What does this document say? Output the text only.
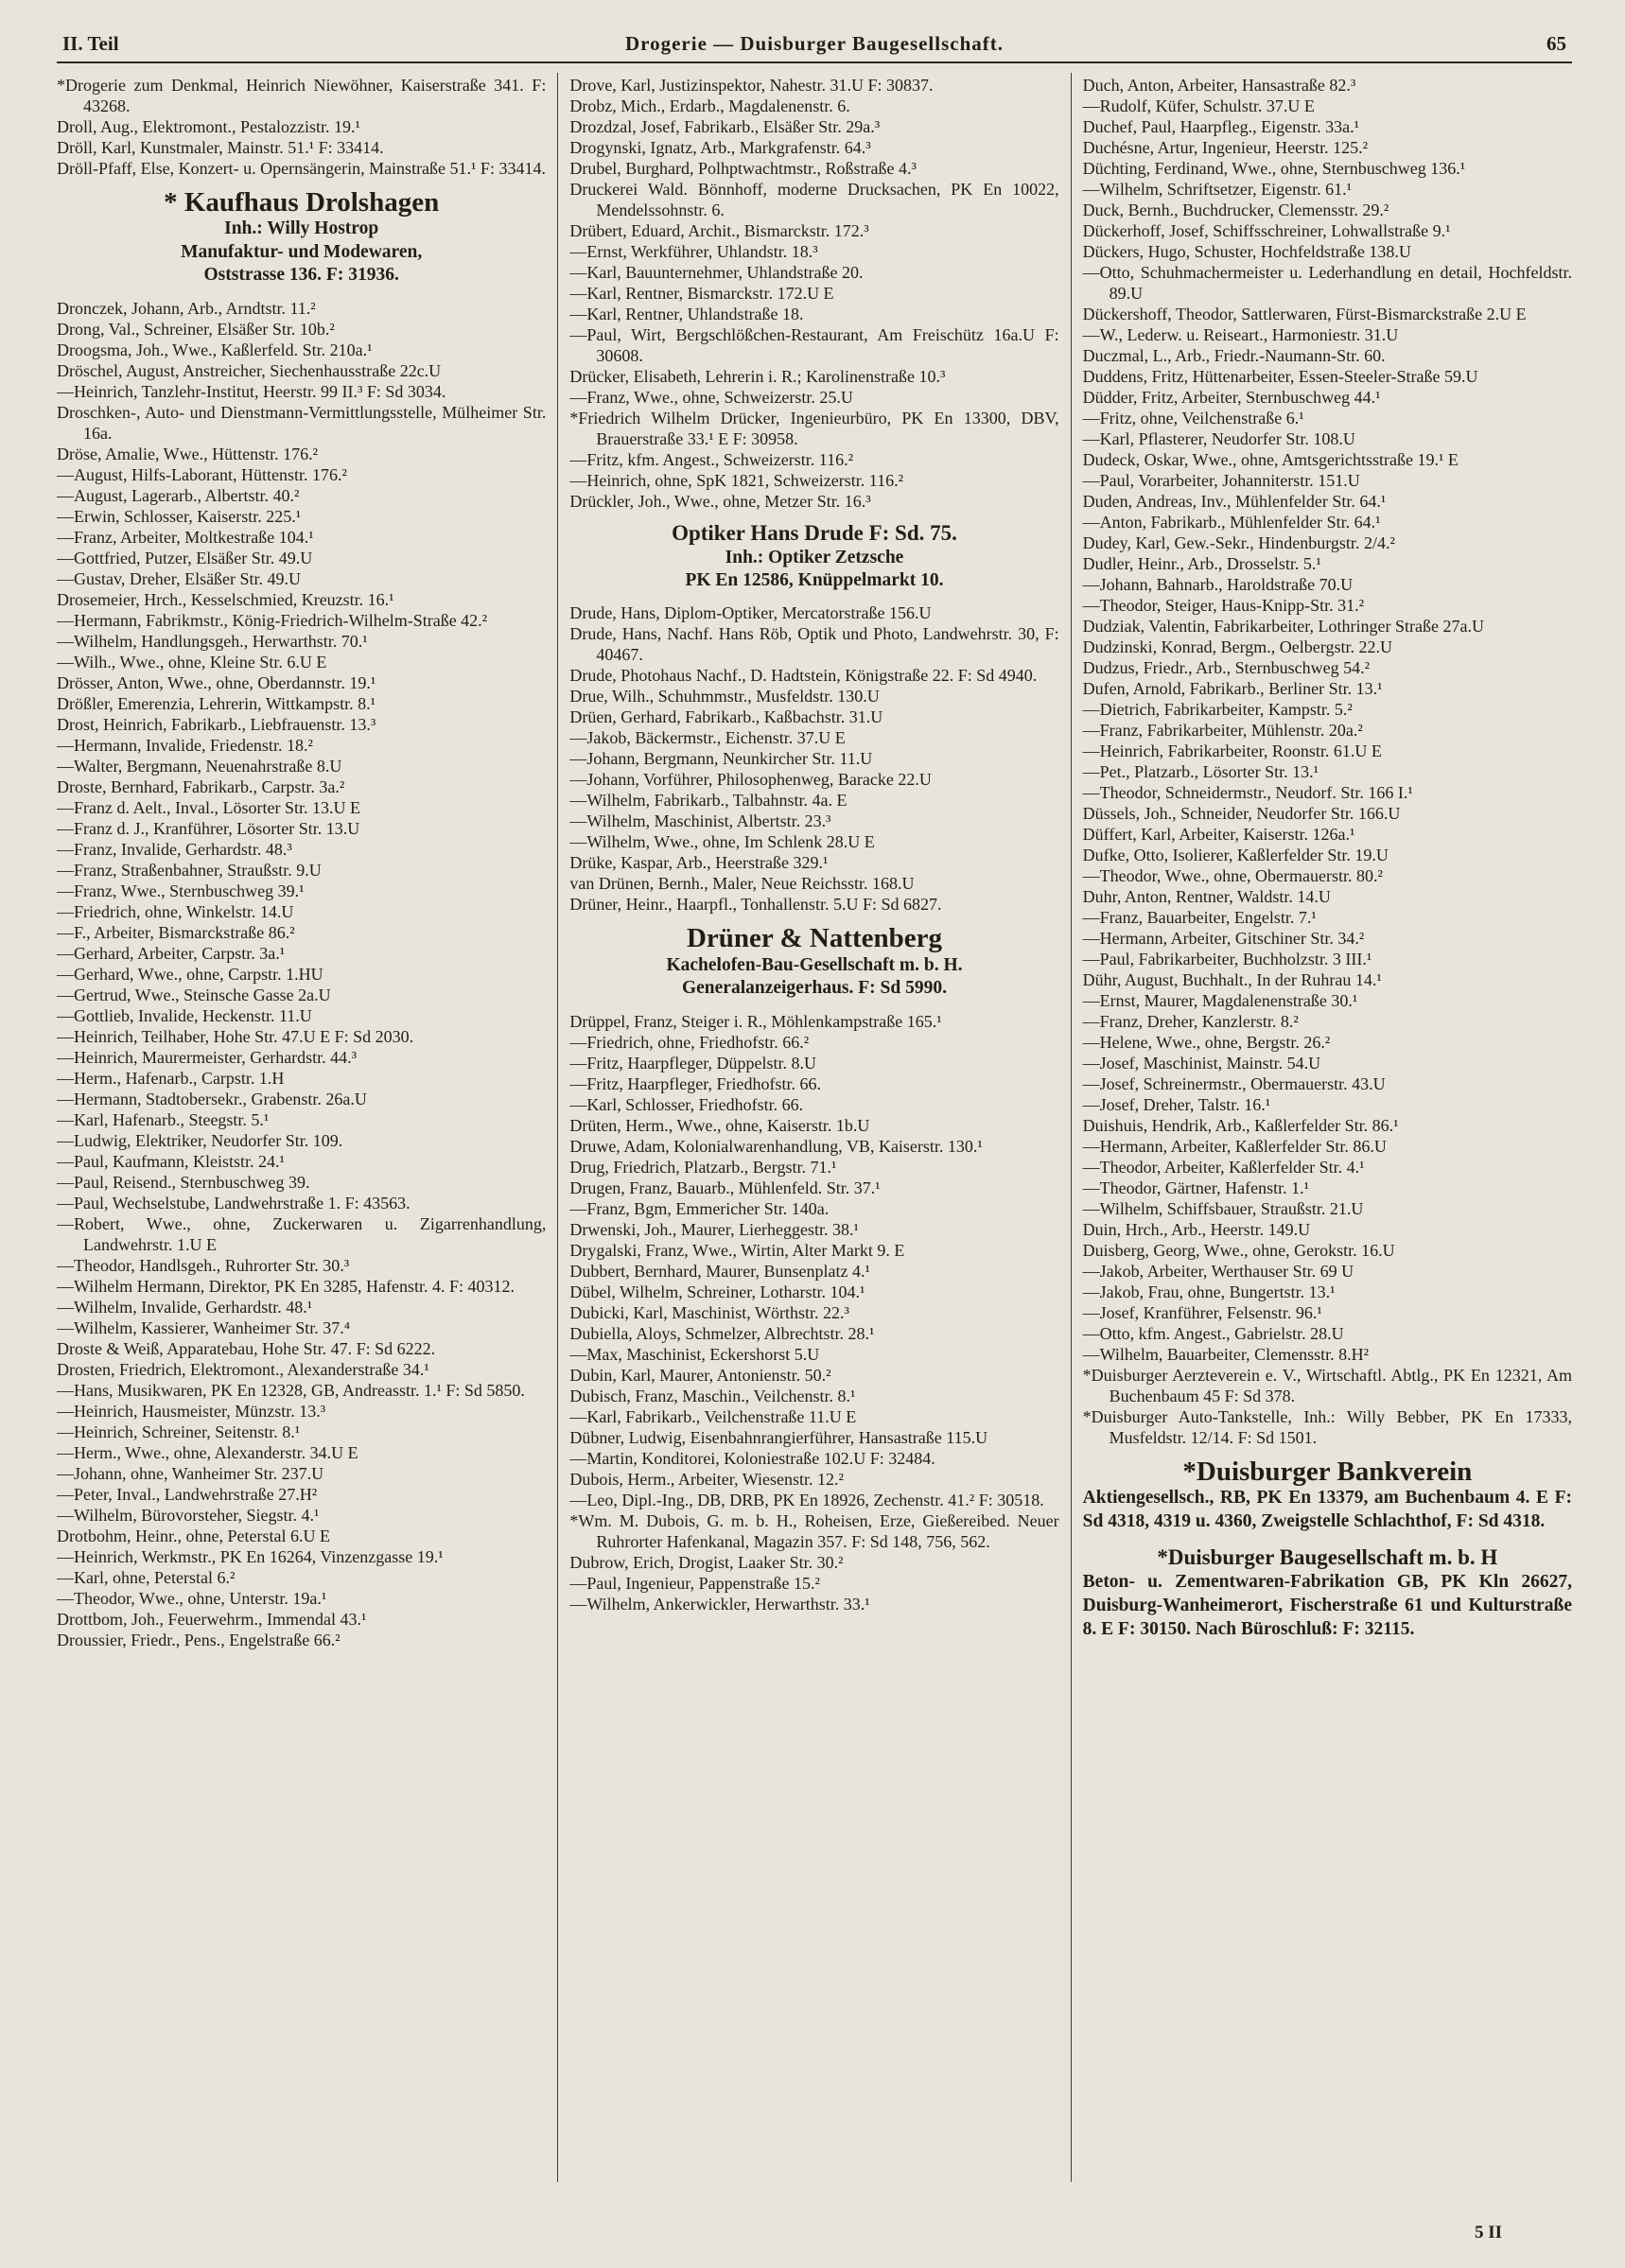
II. Teil	Drogerie — Duisburger Baugesellschaft.	65

*Drogerie zum Denkmal, Heinrich Niewöhner, Kaiserstraße 341. F: 43268.

Droll, Aug., Elektromont., Pestalozzistr. 19.¹

Dröll, Karl, Kunstmaler, Mainstr. 51.¹ F: 33414.

Dröll-Pfaff, Else, Konzert- u. Opernsängerin, Mainstraße 51.¹ F: 33414.

* Kaufhaus Drolshagen

Inh.: Willy Hostrop

Manufaktur- und Modewaren,

Oststrasse 136. F: 31936.

Dronczek, Johann, Arb., Arndtstr. 11.²

Drong, Val., Schreiner, Elsäßer Str. 10b.²

Droogsma, Joh., Wwe., Kaßlerfeld. Str. 210a.¹

Dröschel, August, Anstreicher, Siechenhausstraße 22c.U

—Heinrich, Tanzlehr-Institut, Heerstr. 99 II.³ F: Sd 3034.

Droschken-, Auto- und Dienstmann-Vermittlungsstelle, Mülheimer Str. 16a.

Dröse, Amalie, Wwe., Hüttenstr. 176.²

—August, Hilfs-Laborant, Hüttenstr. 176.²

—August, Lagerarb., Albertstr. 40.²

—Erwin, Schlosser, Kaiserstr. 225.¹

—Franz, Arbeiter, Moltkestraße 104.¹

—Gottfried, Putzer, Elsäßer Str. 49.U

—Gustav, Dreher, Elsäßer Str. 49.U

Drosemeier, Hrch., Kesselschmied, Kreuzstr. 16.¹

—Hermann, Fabrikmstr., König-Friedrich-Wilhelm-Straße 42.²

—Wilhelm, Handlungsgeh., Herwarthstr. 70.¹

—Wilh., Wwe., ohne, Kleine Str. 6.U E

Drösser, Anton, Wwe., ohne, Oberdannstr. 19.¹

Drößler, Emerenzia, Lehrerin, Wittkampstr. 8.¹

Drost, Heinrich, Fabrikarb., Liebfrauenstr. 13.³

—Hermann, Invalide, Friedenstr. 18.²

—Walter, Bergmann, Neuenahrstraße 8.U

Droste, Bernhard, Fabrikarb., Carpstr. 3a.²

—Franz d. Aelt., Inval., Lösorter Str. 13.U E

—Franz d. J., Kranführer, Lösorter Str. 13.U

—Franz, Invalide, Gerhardstr. 48.³

—Franz, Straßenbahner, Straußstr. 9.U

—Franz, Wwe., Sternbuschweg 39.¹

—Friedrich, ohne, Winkelstr. 14.U

—F., Arbeiter, Bismarckstraße 86.²

—Gerhard, Arbeiter, Carpstr. 3a.¹

—Gerhard, Wwe., ohne, Carpstr. 1.HU

—Gertrud, Wwe., Steinsche Gasse 2a.U

—Gottlieb, Invalide, Heckenstr. 11.U

—Heinrich, Teilhaber, Hohe Str. 47.U E F: Sd 2030.

—Heinrich, Maurermeister, Gerhardstr. 44.³

—Herm., Hafenarb., Carpstr. 1.H

—Hermann, Stadtobersekr., Grabenstr. 26a.U

—Karl, Hafenarb., Steegstr. 5.¹

—Ludwig, Elektriker, Neudorfer Str. 109.

—Paul, Kaufmann, Kleiststr. 24.¹

—Paul, Reisend., Sternbuschweg 39.

—Paul, Wechselstube, Landwehrstraße 1. F: 43563.

—Robert, Wwe., ohne, Zuckerwaren u. Zigarrenhandlung, Landwehrstr. 1.U E

—Theodor, Handlsgeh., Ruhrorter Str. 30.³

—Wilhelm Hermann, Direktor, PK En 3285, Hafenstr. 4. F: 40312.

—Wilhelm, Invalide, Gerhardstr. 48.¹

—Wilhelm, Kassierer, Wanheimer Str. 37.⁴

Droste & Weiß, Apparatebau, Hohe Str. 47. F: Sd 6222.

Drosten, Friedrich, Elektromont., Alexanderstraße 34.¹

—Hans, Musikwaren, PK En 12328, GB, Andreasstr. 1.¹ F: Sd 5850.

—Heinrich, Hausmeister, Münzstr. 13.³

—Heinrich, Schreiner, Seitenstr. 8.¹

—Herm., Wwe., ohne, Alexanderstr. 34.U E

—Johann, ohne, Wanheimer Str. 237.U

—Peter, Inval., Landwehrstraße 27.H²

—Wilhelm, Bürovorsteher, Siegstr. 4.¹

Drotbohm, Heinr., ohne, Peterstal 6.U E

—Heinrich, Werkmstr., PK En 16264, Vinzenzgasse 19.¹

—Karl, ohne, Peterstal 6.²

—Theodor, Wwe., ohne, Unterstr. 19a.¹

Drottbom, Joh., Feuerwehrm., Immendal 43.¹

Droussier, Friedr., Pens., Engelstraße 66.²

Drove, Karl, Justizinspektor, Nahestr. 31.U F: 30837.

Drobz, Mich., Erdarb., Magdalenenstr. 6.

Drozdzal, Josef, Fabrikarb., Elsäßer Str. 29a.³

Drogynski, Ignatz, Arb., Markgrafenstr. 64.³

Drubel, Burghard, Polhptwachtmstr., Roßstraße 4.³

Druckerei Wald. Bönnhoff, moderne Drucksachen, PK En 10022, Mendelssohnstr. 6.

Drübert, Eduard, Archit., Bismarckstr. 172.³

—Ernst, Werkführer, Uhlandstr. 18.³

—Karl, Bauunternehmer, Uhlandstraße 20.

—Karl, Rentner, Bismarckstr. 172.U E

—Karl, Rentner, Uhlandstraße 18.

—Paul, Wirt, Bergschlößchen-Restaurant, Am Freischütz 16a.U F: 30608.

Drücker, Elisabeth, Lehrerin i. R.; Karolinenstraße 10.³

—Franz, Wwe., ohne, Schweizerstr. 25.U

*Friedrich Wilhelm Drücker, Ingenieurbüro, PK En 13300, DBV, Brauerstraße 33.¹ E F: 30958.

—Fritz, kfm. Angest., Schweizerstr. 116.²

—Heinrich, ohne, SpK 1821, Schweizerstr. 116.²

Drückler, Joh., Wwe., ohne, Metzer Str. 16.³

Optiker Hans Drude F: Sd. 75.

Inh.: Optiker Zetzsche

PK En 12586, Knüppelmarkt 10.

Drude, Hans, Diplom-Optiker, Mercatorstraße 156.U

Drude, Hans, Nachf. Hans Röb, Optik und Photo, Landwehrstr. 30, F: 40467.

Drude, Photohaus Nachf., D. Hadtstein, Königstraße 22. F: Sd 4940.

Drue, Wilh., Schuhmmstr., Musfeldstr. 130.U

Drüen, Gerhard, Fabrikarb., Kaßbachstr. 31.U

—Jakob, Bäckermstr., Eichenstr. 37.U E

—Johann, Bergmann, Neunkircher Str. 11.U

—Johann, Vorführer, Philosophenweg, Baracke 22.U

—Wilhelm, Fabrikarb., Talbahnstr. 4a. E

—Wilhelm, Maschinist, Albertstr. 23.³

—Wilhelm, Wwe., ohne, Im Schlenk 28.U E

Drüke, Kaspar, Arb., Heerstraße 329.¹

van Drünen, Bernh., Maler, Neue Reichsstr. 168.U

Drüner, Heinr., Haarpfl., Tonhallenstr. 5.U F: Sd 6827.

Drüner & Nattenberg

Kachelofen-Bau-Gesellschaft m. b. H.

Generalanzeigerhaus. F: Sd 5990.

Drüppel, Franz, Steiger i. R., Möhlenkampstraße 165.¹

—Friedrich, ohne, Friedhofstr. 66.²

—Fritz, Haarpfleger, Düppelstr. 8.U

—Fritz, Haarpfleger, Friedhofstr. 66.

—Karl, Schlosser, Friedhofstr. 66.

Drüten, Herm., Wwe., ohne, Kaiserstr. 1b.U

Druwe, Adam, Kolonialwarenhandlung, VB, Kaiserstr. 130.¹

Drug, Friedrich, Platzarb., Bergstr. 71.¹

Drugen, Franz, Bauarb., Mühlenfeld. Str. 37.¹

—Franz, Bgm, Emmericher Str. 140a.

Drwenski, Joh., Maurer, Lierheggestr. 38.¹

Drygalski, Franz, Wwe., Wirtin, Alter Markt 9. E

Dubbert, Bernhard, Maurer, Bunsenplatz 4.¹

Dübel, Wilhelm, Schreiner, Lotharstr. 104.¹

Dubicki, Karl, Maschinist, Wörthstr. 22.³

Dubiella, Aloys, Schmelzer, Albrechtstr. 28.¹

—Max, Maschinist, Eckershorst 5.U

Dubin, Karl, Maurer, Antonienstr. 50.²

Dubisch, Franz, Maschin., Veilchenstr. 8.¹

—Karl, Fabrikarb., Veilchenstraße 11.U E

Dübner, Ludwig, Eisenbahnrangierführer, Hansastraße 115.U

—Martin, Konditorei, Koloniestraße 102.U F: 32484.

Dubois, Herm., Arbeiter, Wiesenstr. 12.²

—Leo, Dipl.-Ing., DB, DRB, PK En 18926, Zechenstr. 41.² F: 30518.

*Wm. M. Dubois, G. m. b. H., Roheisen, Erze, Gießereibed. Neuer Ruhrorter Hafenkanal, Magazin 357. F: Sd 148, 756, 562.

Dubrow, Erich, Drogist, Laaker Str. 30.²

—Paul, Ingenieur, Pappenstraße 15.²

—Wilhelm, Ankerwickler, Herwarthstr. 33.¹

Duch, Anton, Arbeiter, Hansastraße 82.³

—Rudolf, Küfer, Schulstr. 37.U E

Duchef, Paul, Haarpfleg., Eigenstr. 33a.¹

Duchésne, Artur, Ingenieur, Heerstr. 125.²

Düchting, Ferdinand, Wwe., ohne, Sternbuschweg 136.¹

—Wilhelm, Schriftsetzer, Eigenstr. 61.¹

Duck, Bernh., Buchdrucker, Clemensstr. 29.²

Dückerhoff, Josef, Schiffsschreiner, Lohwallstraße 9.¹

Dückers, Hugo, Schuster, Hochfeldstraße 138.U

—Otto, Schuhmachermeister u. Lederhandlung en detail, Hochfeldstr. 89.U

Dückershoff, Theodor, Sattlerwaren, Fürst-Bismarckstraße 2.U E

—W., Lederw. u. Reiseart., Harmoniestr. 31.U

Duczmal, L., Arb., Friedr.-Naumann-Str. 60.

Duddens, Fritz, Hüttenarbeiter, Essen-Steeler-Straße 59.U

Düdder, Fritz, Arbeiter, Sternbuschweg 44.¹

—Fritz, ohne, Veilchenstraße 6.¹

—Karl, Pflasterer, Neudorfer Str. 108.U

Dudeck, Oskar, Wwe., ohne, Amtsgerichtsstraße 19.¹ E

—Paul, Vorarbeiter, Johanniterstr. 151.U

Duden, Andreas, Inv., Mühlenfelder Str. 64.¹

—Anton, Fabrikarb., Mühlenfelder Str. 64.¹

Dudey, Karl, Gew.-Sekr., Hindenburgstr. 2/4.²

Dudler, Heinr., Arb., Drosselstr. 5.¹

—Johann, Bahnarb., Haroldstraße 70.U

—Theodor, Steiger, Haus-Knipp-Str. 31.²

Dudziak, Valentin, Fabrikarbeiter, Lothringer Straße 27a.U

Dudzinski, Konrad, Bergm., Oelbergstr. 22.U

Dudzus, Friedr., Arb., Sternbuschweg 54.²

Dufen, Arnold, Fabrikarb., Berliner Str. 13.¹

—Dietrich, Fabrikarbeiter, Kampstr. 5.²

—Franz, Fabrikarbeiter, Mühlenstr. 20a.²

—Heinrich, Fabrikarbeiter, Roonstr. 61.U E

—Pet., Platzarb., Lösorter Str. 13.¹

—Theodor, Schneidermstr., Neudorf. Str. 166 I.¹

Düssels, Joh., Schneider, Neudorfer Str. 166.U

Düffert, Karl, Arbeiter, Kaiserstr. 126a.¹

Dufke, Otto, Isolierer, Kaßlerfelder Str. 19.U

—Theodor, Wwe., ohne, Obermauerstr. 80.²

Duhr, Anton, Rentner, Waldstr. 14.U

—Franz, Bauarbeiter, Engelstr. 7.¹

—Hermann, Arbeiter, Gitschiner Str. 34.²

—Paul, Fabrikarbeiter, Buchholzstr. 3 III.¹

Dühr, August, Buchhalt., In der Ruhrau 14.¹

—Ernst, Maurer, Magdalenenstraße 30.¹

—Franz, Dreher, Kanzlerstr. 8.²

—Helene, Wwe., ohne, Bergstr. 26.²

—Josef, Maschinist, Mainstr. 54.U

—Josef, Schreinermstr., Obermauerstr. 43.U

—Josef, Dreher, Talstr. 16.¹

Duishuis, Hendrik, Arb., Kaßlerfelder Str. 86.¹

—Hermann, Arbeiter, Kaßlerfelder Str. 86.U

—Theodor, Arbeiter, Kaßlerfelder Str. 4.¹

—Theodor, Gärtner, Hafenstr. 1.¹

—Wilhelm, Schiffsbauer, Straußstr. 21.U

Duin, Hrch., Arb., Heerstr. 149.U

Duisberg, Georg, Wwe., ohne, Gerokstr. 16.U

—Jakob, Arbeiter, Werthauser Str. 69 U

—Jakob, Frau, ohne, Bungertstr. 13.¹

—Josef, Kranführer, Felsenstr. 96.¹

—Otto, kfm. Angest., Gabrielstr. 28.U

—Wilhelm, Bauarbeiter, Clemensstr. 8.H²

*Duisburger Aerzteverein e. V., Wirtschaftl. Abtlg., PK En 12321, Am Buchenbaum 45 F: Sd 378.

*Duisburger Auto-Tankstelle, Inh.: Willy Bebber, PK En 17333, Musfeldstr. 12/14. F: Sd 1501.

*Duisburger Bankverein

Aktiengesellsch., RB, PK En 13379, am Buchenbaum 4. E F: Sd 4318, 4319 u. 4360, Zweigstelle Schlachthof, F: Sd 4318.

*Duisburger Baugesellschaft m. b. H

Beton- u. Zementwaren-Fabrikation GB, PK Kln 26627, Duisburg-Wanheimerort, Fischerstraße 61 und Kulturstraße 8. E F: 30150. Nach Büroschluß: F: 32115.

5 II
